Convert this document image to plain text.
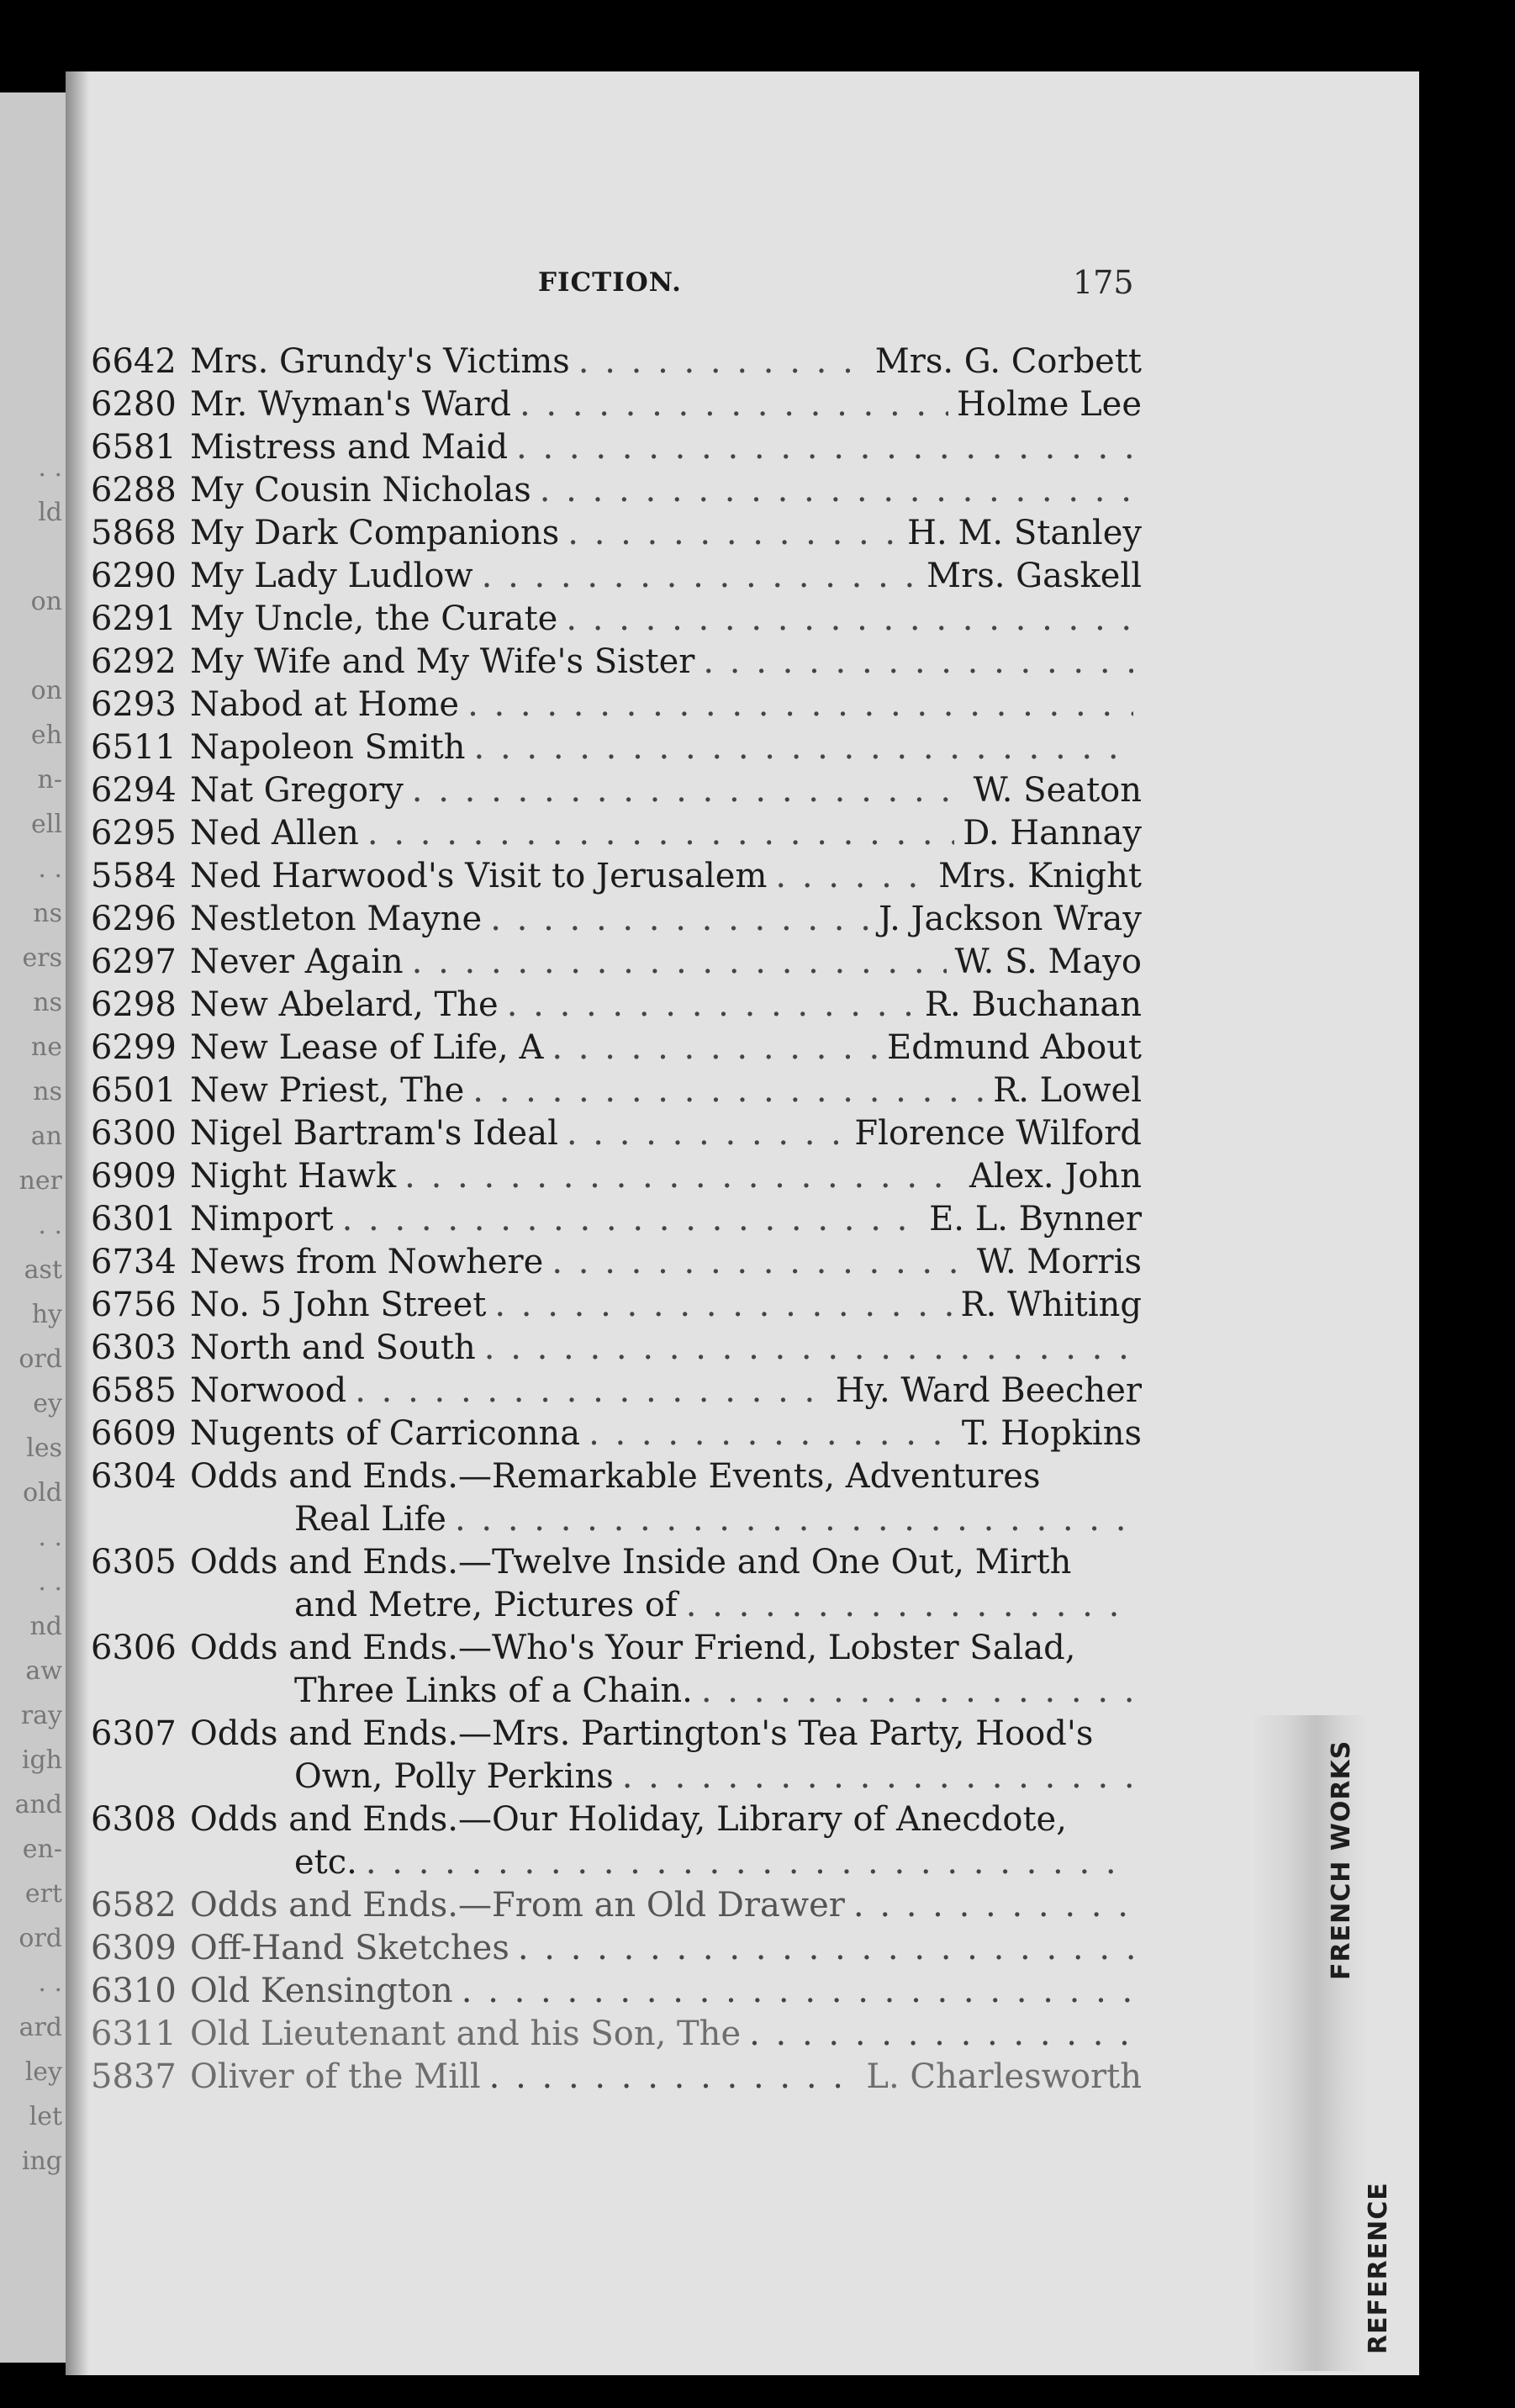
. .
ld
on
on
eh
n-
ell
. .
ns
ers
ns
ne
ns
an
ner
. .
ast
hy
ord
ey
les
old
. .
. .
nd
aw
ray
igh
and
en-
ert
ord
. .
ard
ley
let
ing
FICTION.	175
6642 Mrs. Grundy's Victims . . .	Mrs. G. Corbett
6280 Mr. Wyman's Ward . . .	Holme Lee
6581 Mistress and Maid
. . .
6288 My Cousin Nicholas
. . .
5868 My Dark Companions . . .	H. M. Stanley
6290 My Lady Ludlow . . .	Mrs. Gaskell
6291 My Uncle, the Curate
. . .
6292 My Wife and My Wife's Sister
. . .
6293 Nabod at Home
. . .
6511 Napoleon Smith
. . .
6294 Nat Gregory . . .	W. Seaton
6295 Ned Allen . . .	D. Hannay
5584 Ned Harwood's Visit to Jerusalem . . .	Mrs. Knight
6296 Nestleton Mayne . . .	J. Jackson Wray
6297 Never Again . . .	W. S. Mayo
6298 New Abelard, The . . .	R. Buchanan
6299 New Lease of Life, A . . .	Edmund About
6501 New Priest, The . . .	R. Lowel
6300 Nigel Bartram's Ideal . . .	Florence Wilford
6909 Night Hawk . . .	Alex. John
6301 Nimport . . .	E. L. Bynner
6734 News from Nowhere . . .	W. Morris
6756 No. 5 John Street . . .	R. Whiting
6303 North and South
. . .
6585 Norwood . . .	Hy. Ward Beecher
6609 Nugents of Carriconna . . .	T. Hopkins
6304 Odds and Ends.—Remarkable Events, Adventures
Real Life
. . .
6305 Odds and Ends.—Twelve Inside and One Out, Mirth
and Metre, Pictures of
. . .
6306 Odds and Ends.—Who's Your Friend, Lobster Salad,
Three Links of a Chain.
. . .
6307 Odds and Ends.—Mrs. Partington's Tea Party, Hood's
Own, Polly Perkins
. . .
6308 Odds and Ends.—Our Holiday, Library of Anecdote,
etc.
. . .
6582 Odds and Ends.—From an Old Drawer
. . .
6309 Off-Hand Sketches
. . .
6310 Old Kensington
. . .
6311 Old Lieutenant and his Son, The
. . .
5837 Oliver of the Mill . . .	L. Charlesworth
FRENCH WORKS
REFERENCE
